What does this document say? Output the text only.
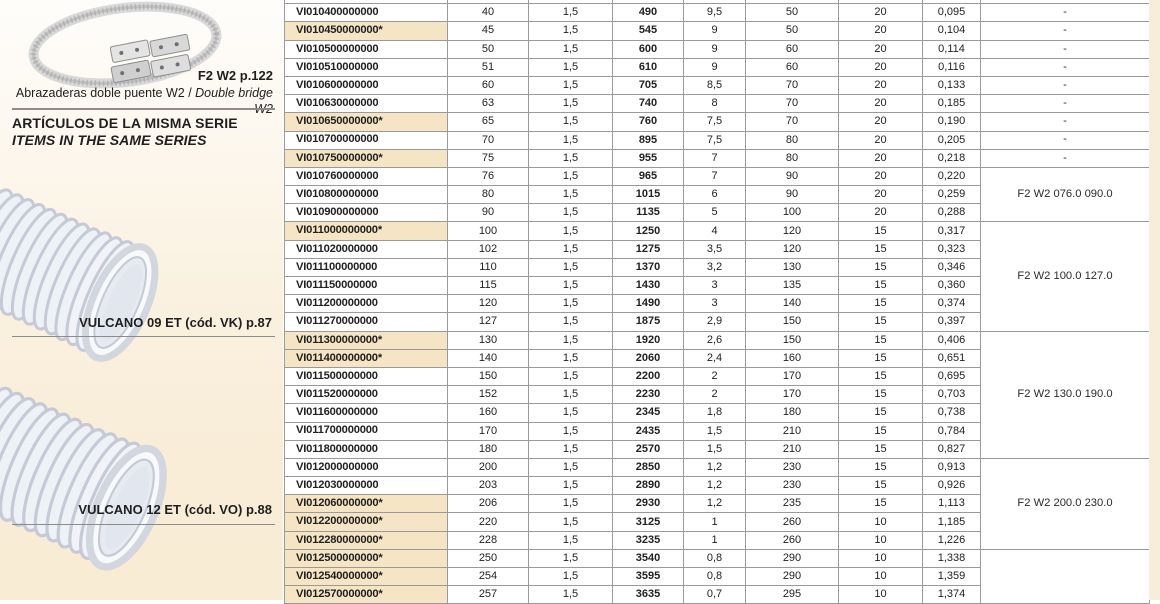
F2 W2 p.122
Abrazaderas doble puente W2 / Double bridge W2
ARTÍCULOS DE LA MISMA SERIE
ITEMS IN THE SAME SERIES
VULCANO 09 ET (cód. VK) p.87
VULCANO 12 ET (cód. VO) p.88

VI010400000000	40	1,5	490	9,5	50	20	0,095	-
VI010450000000*	45	1,5	545	9	50	20	0,104	-
VI010500000000	50	1,5	600	9	60	20	0,114	-
VI010510000000	51	1,5	610	9	60	20	0,116	-
VI010600000000	60	1,5	705	8,5	70	20	0,133	-
VI010630000000	63	1,5	740	8	70	20	0,185	-
VI010650000000*	65	1,5	760	7,5	70	20	0,190	-
VI010700000000	70	1,5	895	7,5	80	20	0,205	-
VI010750000000*	75	1,5	955	7	80	20	0,218	-
VI010760000000	76	1,5	965	7	90	20	0,220	F2 W2 076.0 090.0
VI010800000000	80	1,5	1015	6	90	20	0,259	
VI010900000000	90	1,5	1135	5	100	20	0,288	
VI011000000000*	100	1,5	1250	4	120	15	0,317	F2 W2 100.0 127.0
VI011020000000	102	1,5	1275	3,5	120	15	0,323	
VI011100000000	110	1,5	1370	3,2	130	15	0,346	
VI011150000000	115	1,5	1430	3	135	15	0,360	
VI011200000000	120	1,5	1490	3	140	15	0,374	
VI011270000000	127	1,5	1875	2,9	150	15	0,397	
VI011300000000*	130	1,5	1920	2,6	150	15	0,406	F2 W2 130.0 190.0
VI011400000000*	140	1,5	2060	2,4	160	15	0,651	
VI011500000000	150	1,5	2200	2	170	15	0,695	
VI011520000000	152	1,5	2230	2	170	15	0,703	
VI011600000000	160	1,5	2345	1,8	180	15	0,738	
VI011700000000	170	1,5	2435	1,5	210	15	0,784	
VI011800000000	180	1,5	2570	1,5	210	15	0,827	
VI012000000000	200	1,5	2850	1,2	230	15	0,913	F2 W2 200.0 230.0
VI012030000000	203	1,5	2890	1,2	230	15	0,926	
VI012060000000*	206	1,5	2930	1,2	235	15	1,113	
VI012200000000*	220	1,5	3125	1	260	10	1,185	
VI012280000000*	228	1,5	3235	1	260	10	1,226	
VI012500000000*	250	1,5	3540	0,8	290	10	1,338	
VI012540000000*	254	1,5	3595	0,8	290	10	1,359	
VI012570000000*	257	1,5	3635	0,7	295	10	1,374	
